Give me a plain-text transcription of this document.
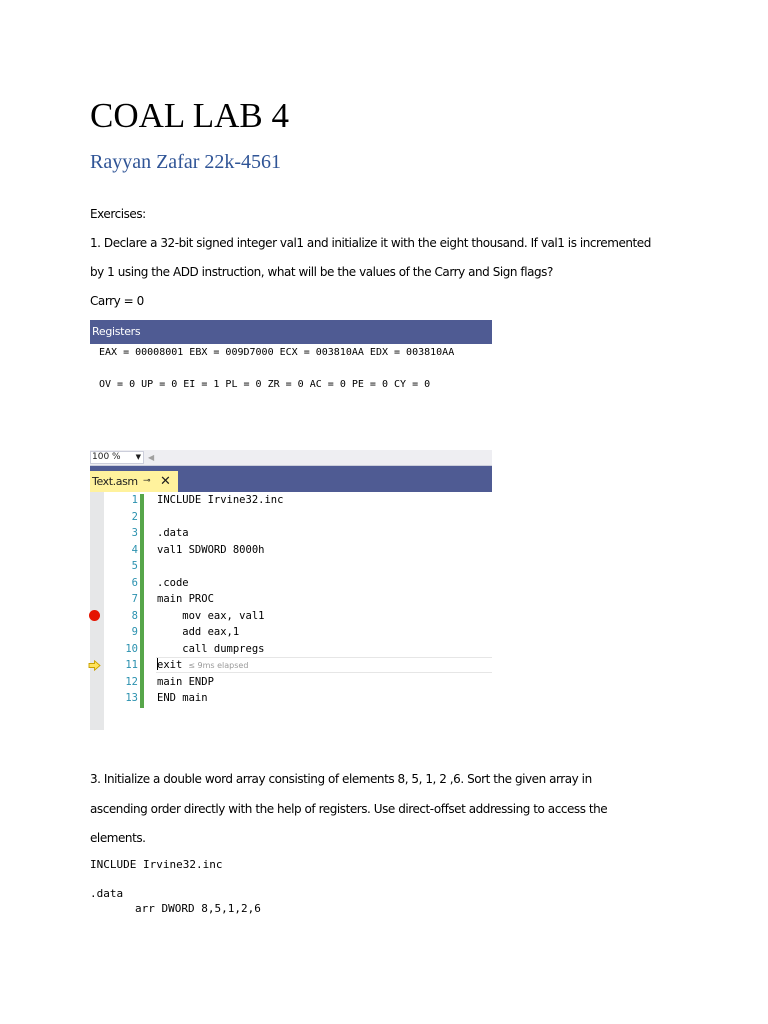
COAL LAB 4
Rayyan Zafar 22k-4561

Exercises:

1. Declare a 32-bit signed integer val1 and initialize it with the eight thousand. If val1 is incremented

by 1 using the ADD instruction, what will be the values of the Carry and Sign flags?

Carry = 0

Registers
EAX = 00008001 EBX = 009D7000 ECX = 003810AA EDX = 003810AA
OV = 0 UP = 0 EI = 1 PL = 0 ZR = 0 AC = 0 PE = 0 CY = 0
100 % ▼ ◀
Text.asm ⊸ ✕
1 INCLUDE Irvine32.inc
2
3 .data
4 val1 SDWORD 8000h
5
6 .code
7 main PROC
8 mov eax, val1
9 add eax,1
10 call dumpregs
11 exit ≤ 9ms elapsed
12 main ENDP
13 END main

3. Initialize a double word array consisting of elements 8, 5, 1, 2 ,6. Sort the given array in

ascending order directly with the help of registers. Use direct-offset addressing to access the

elements.

INCLUDE Irvine32.inc
.data
arr DWORD 8,5,1,2,6
